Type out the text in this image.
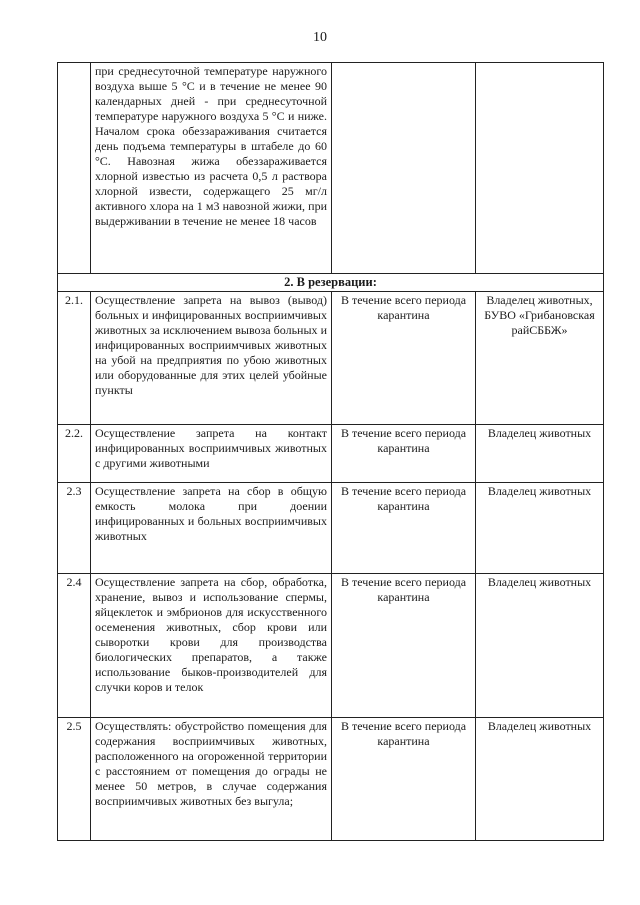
10
	при среднесуточной температуре наружного воздуха выше 5 °С и в течение не менее 90 календарных дней - при среднесуточной температуре наружного воздуха 5 °С и ниже. Началом срока обеззараживания считается день подъема температуры в штабеле до 60 °С. Навозная жижа обеззараживается хлорной известью из расчета 0,5 л раствора хлорной извести, содержащего 25 мг/л активного хлора на 1 м3 навозной жижи, при выдерживании в течение не менее 18 часов		
2. В резервации:			
2.1.	Осуществление запрета на вывоз (вывод) больных и инфицированных восприимчивых животных за исключением вывоза больных и инфицированных восприимчивых животных на убой на предприятия по убою животных или оборудованные для этих целей убойные пункты	В течение всего периода карантина	Владелец животных, БУВО «Грибановская райСББЖ»
2.2.	Осуществление запрета на контакт инфицированных восприимчивых животных с другими животными	В течение всего периода карантина	Владелец животных
2.3	Осуществление запрета на сбор в общую емкость молока при доении инфицированных и больных восприимчивых животных	В течение всего периода карантина	Владелец животных
2.4	Осуществление запрета на сбор, обработка, хранение, вывоз и использование спермы, яйцеклеток и эмбрионов для искусственного осеменения животных, сбор крови или сыворотки крови для производства биологических препаратов, а также использование быков-производителей для случки коров и телок	В течение всего периода карантина	Владелец животных
2.5	Осуществлять: обустройство помещения для содержания восприимчивых животных, расположенного на огороженной территории с расстоянием от помещения до ограды не менее 50 метров, в случае содержания восприимчивых животных без выгула;	В течение всего периода карантина	Владелец животных
